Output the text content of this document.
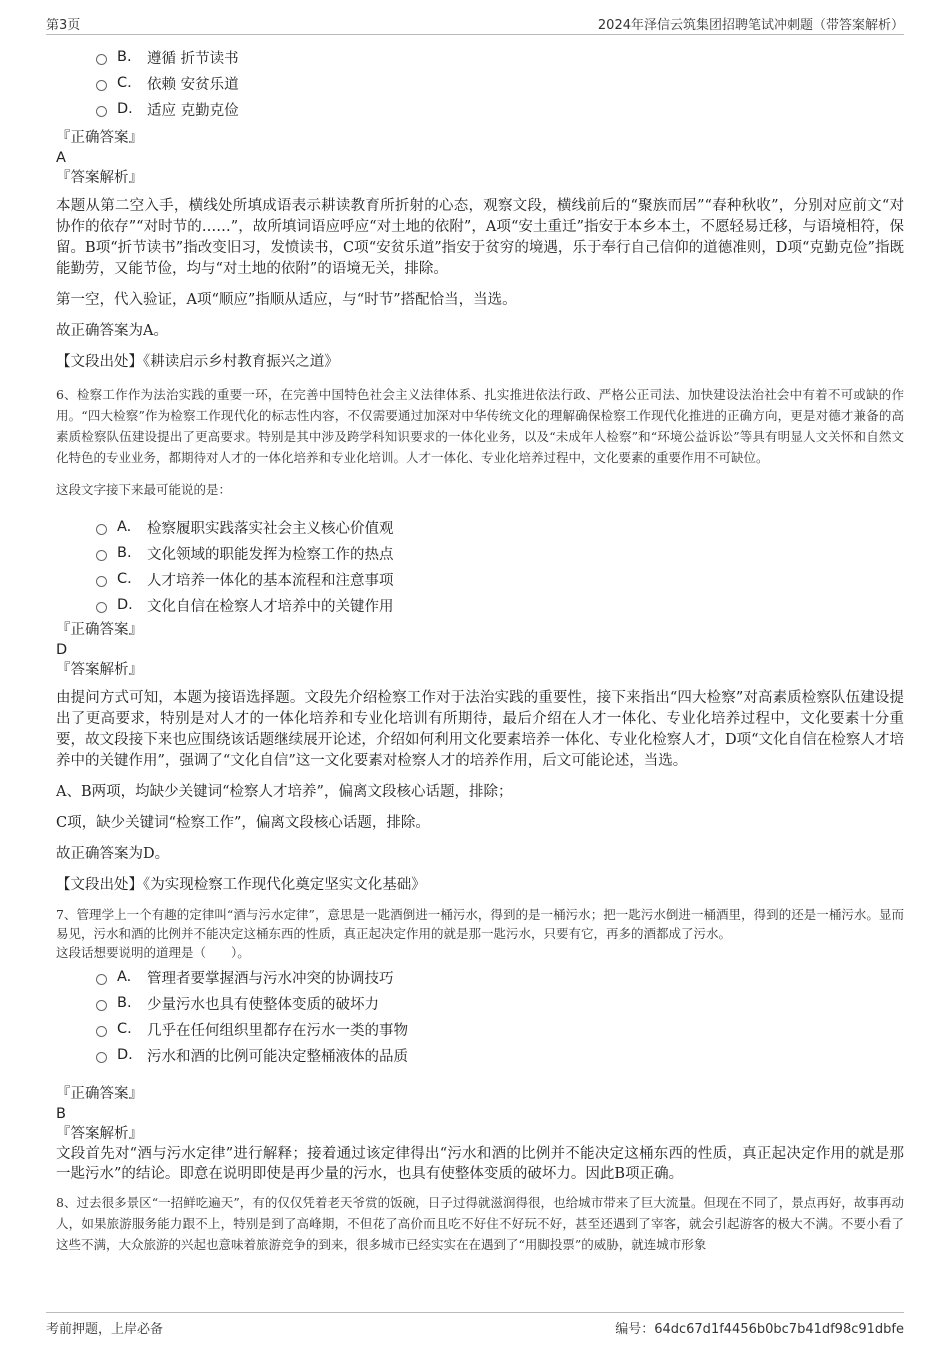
第3页	2024年泽信云筑集团招聘笔试冲刺题（带答案解析）
B.	遵循 折节读书
C.	依赖 安贫乐道
D. 适应 克勤克俭
『正确答案』
A
『答案解析』

本题从第二空入手，横线处所填成语表示耕读教育所折射的心态，观察文段，横线前后的“聚族而居”“春种秋收”，分别对应前文“对协作的依存”“对时节的……”，故所填词语应呼应“对土地的依附”，A项“安土重迁”指安于本乡本土，不愿轻易迁移，与语境相符，保留。B项“折节读书”指改变旧习，发愤读书，C项“安贫乐道”指安于贫穷的境遇，乐于奉行自己信仰的道德准则，D项“克勤克俭”指既能勤劳，又能节俭，均与“对土地的依附”的语境无关，排除。

第一空，代入验证，A项“顺应”指顺从适应，与“时节”搭配恰当，当选。

故正确答案为A。

【文段出处】《耕读启示乡村教育振兴之道》

6、检察工作作为法治实践的重要一环，在完善中国特色社会主义法律体系、扎实推进依法行政、严格公正司法、加快建设法治社会中有着不可或缺的作用。“四大检察”作为检察工作现代化的标志性内容，不仅需要通过加深对中华传统文化的理解确保检察工作现代化推进的正确方向，更是对德才兼备的高素质检察队伍建设提出了更高要求。特别是其中涉及跨学科知识要求的一体化业务，以及“未成年人检察”和“环境公益诉讼”等具有明显人文关怀和自然文化特色的专业业务，都期待对人才的一体化培养和专业化培训。人才一体化、专业化培养过程中，文化要素的重要作用不可缺位。

这段文字接下来最可能说的是：

A.	检察履职实践落实社会主义核心价值观
B.	文化领域的职能发挥为检察工作的热点
C.	人才培养一体化的基本流程和注意事项
D. 文化自信在检察人才培养中的关键作用
『正确答案』
D
『答案解析』

由提问方式可知，本题为接语选择题。文段先介绍检察工作对于法治实践的重要性，接下来指出“四大检察”对高素质检察队伍建设提出了更高要求，特别是对人才的一体化培养和专业化培训有所期待，最后介绍在人才一体化、专业化培养过程中，文化要素十分重要，故文段接下来也应围绕该话题继续展开论述，介绍如何利用文化要素培养一体化、专业化检察人才，D项“文化自信在检察人才培养中的关键作用”，强调了“文化自信”这一文化要素对检察人才的培养作用，后文可能论述，当选。

A、B两项，均缺少关键词“检察人才培养”，偏离文段核心话题，排除；

C项，缺少关键词“检察工作”，偏离文段核心话题，排除。

故正确答案为D。

【文段出处】《为实现检察工作现代化奠定坚实文化基础》

7、管理学上一个有趣的定律叫“酒与污水定律”，意思是一匙酒倒进一桶污水，得到的是一桶污水；把一匙污水倒进一桶酒里，得到的还是一桶污水。显而易见，污水和酒的比例并不能决定这桶东西的性质，真正起决定作用的就是那一匙污水，只要有它，再多的酒都成了污水。

这段话想要说明的道理是（　　）。

A.	管理者要掌握酒与污水冲突的协调技巧
B.	少量污水也具有使整体变质的破坏力
C.	几乎在任何组织里都存在污水一类的事物
D. 污水和酒的比例可能决定整桶液体的品质
『正确答案』
B
『答案解析』

文段首先对“酒与污水定律”进行解释；接着通过该定律得出“污水和酒的比例并不能决定这桶东西的性质，真正起决定作用的就是那一匙污水”的结论。即意在说明即使是再少量的污水，也具有使整体变质的破坏力。因此B项正确。

8、过去很多景区“一招鲜吃遍天”，有的仅仅凭着老天爷赏的饭碗，日子过得就滋润得很，也给城市带来了巨大流量。但现在不同了，景点再好，故事再动人，如果旅游服务能力跟不上，特别是到了高峰期，不但花了高价而且吃不好住不好玩不好，甚至还遇到了宰客，就会引起游客的极大不满。不要小看了这些不满，大众旅游的兴起也意味着旅游竞争的到来，很多城市已经实实在在遇到了“用脚投票”的威胁，就连城市形象

考前押题，上岸必备	编号：64dc67d1f4456b0bc7b41df98c91dbfe
